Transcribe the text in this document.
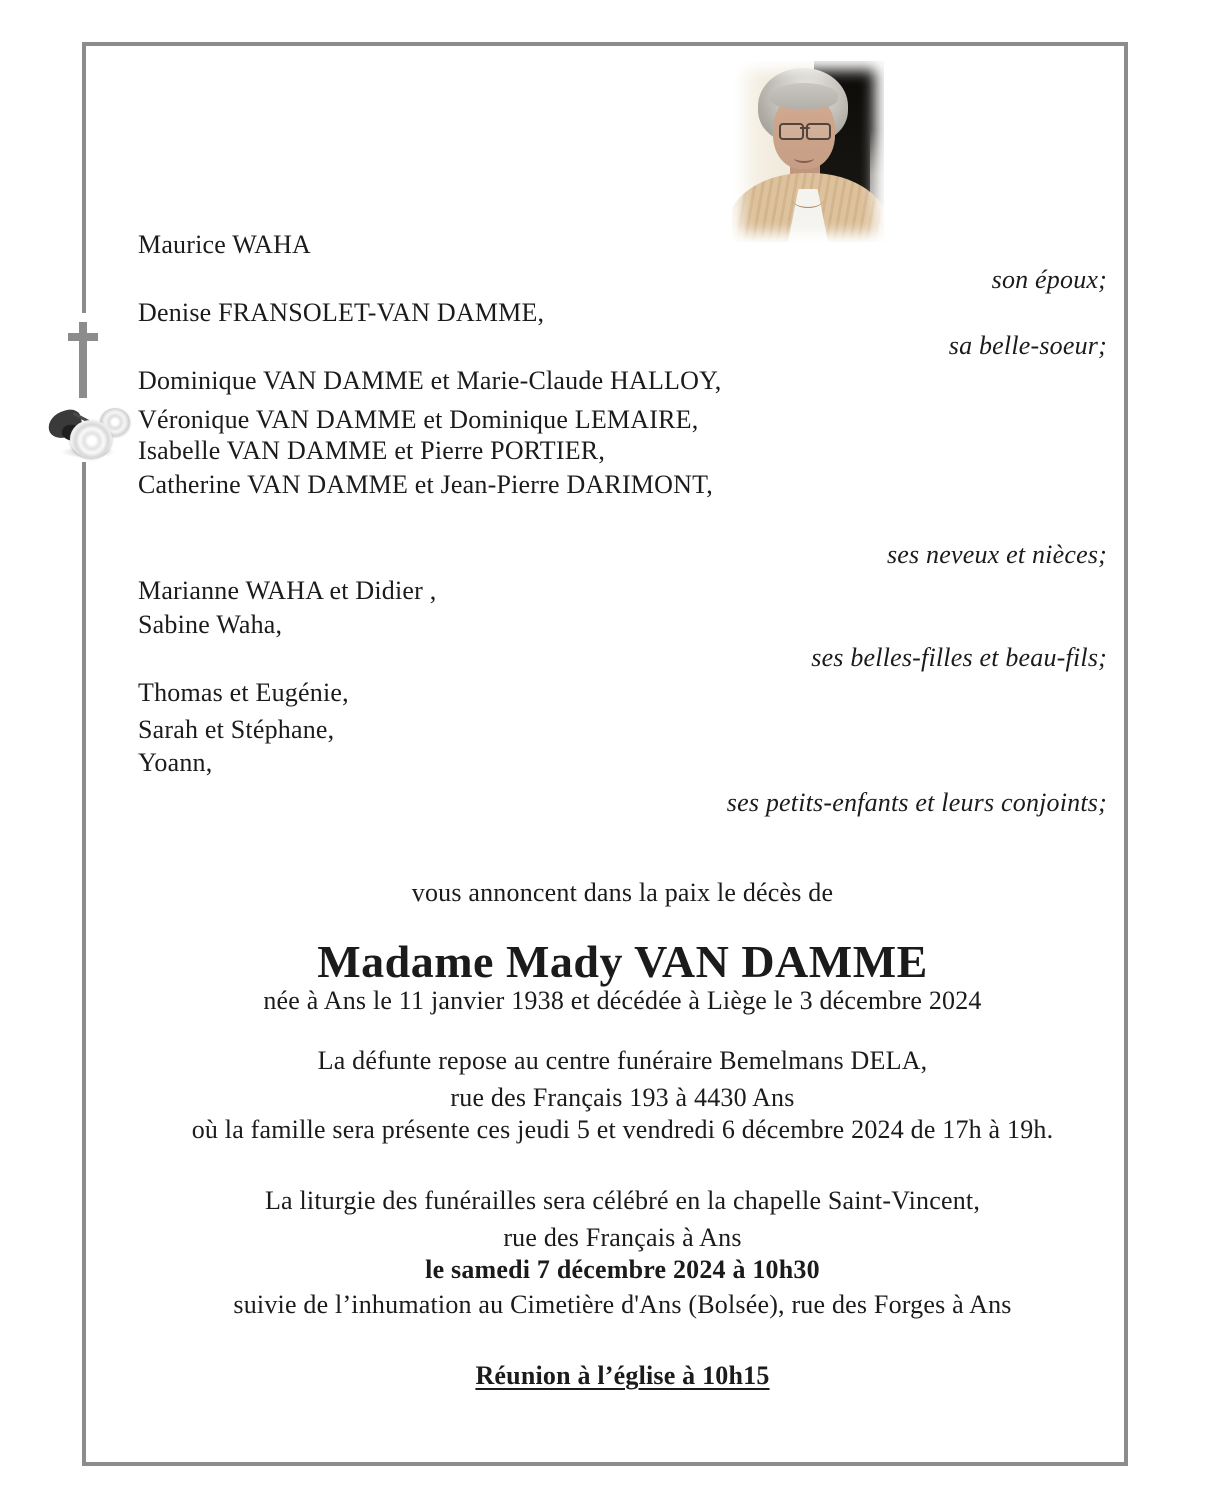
Maurice WAHA
son époux;
Denise FRANSOLET-VAN DAMME,
sa belle-soeur;
Dominique VAN DAMME et Marie-Claude HALLOY,
Véronique VAN DAMME et Dominique LEMAIRE,
Isabelle VAN DAMME et Pierre PORTIER,
Catherine VAN DAMME et Jean-Pierre DARIMONT,
ses neveux et nièces;
Marianne WAHA et Didier ,
Sabine Waha,
ses belles-filles et beau-fils;
Thomas et Eugénie,
Sarah et Stéphane,
Yoann,
ses petits-enfants et leurs conjoints;
vous annoncent dans la paix le décès de
Madame Mady VAN DAMME
née à Ans le 11 janvier 1938 et décédée à Liège le 3 décembre 2024
La défunte repose au centre funéraire Bemelmans DELA,
rue des Français 193 à 4430 Ans
où la famille sera présente ces jeudi 5 et vendredi 6 décembre 2024 de 17h à 19h.
La liturgie des funérailles sera célébré en la chapelle Saint-Vincent,
rue des Français à Ans
le samedi 7 décembre 2024 à 10h30
suivie de l’inhumation au Cimetière d'Ans (Bolsée), rue des Forges à Ans
Réunion à l’église à 10h15
